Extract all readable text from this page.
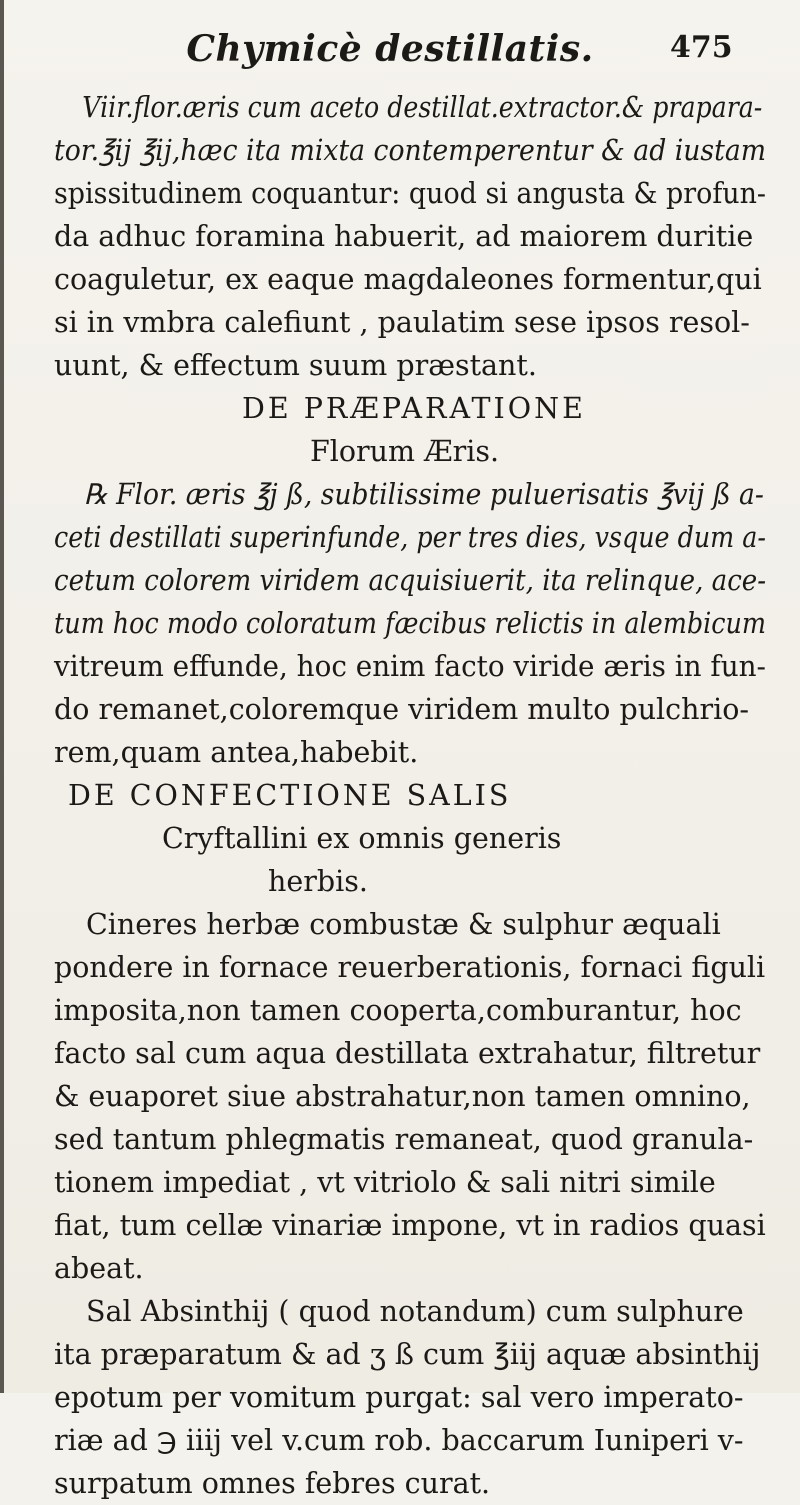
Chymicè destillatis.	475
Viir.flor.æris cum aceto destillat.extractor.& prapara-
tor.℥ij ℥ij,hæc ita mixta contemperentur & ad iustam
spissitudinem coquantur: quod si angusta & profun-
da adhuc foramina habuerit, ad maiorem duritie
coaguletur, ex eaque magdaleones formentur,qui
si in vmbra calefiunt , paulatim sese ipsos resol-
uunt, & effectum suum præstant.
DE PRÆPARATIONE
Florum Æris.
℞ Flor. æris ℥j ß, subtilissime puluerisatis ℥vij ß a-
ceti destillati superinfunde, per tres dies, vsque dum a-
cetum colorem viridem acquisiuerit, ita relinque, ace-
tum hoc modo coloratum fæcibus relictis in alembicum
vitreum effunde, hoc enim facto viride æris in fun-
do remanet,coloremque viridem multo pulchrio-
rem,quam antea,habebit.
DE CONFECTIONE SALIS
Cryftallini ex omnis generis
herbis.
Cineres herbæ combustæ & sulphur æquali
pondere in fornace reuerberationis, fornaci figuli
imposita,non tamen cooperta,comburantur, hoc
facto sal cum aqua destillata extrahatur, filtretur
& euaporet siue abstrahatur,non tamen omnino,
sed tantum phlegmatis remaneat, quod granula-
tionem impediat , vt vitriolo & sali nitri simile
fiat, tum cellæ vinariæ impone, vt in radios quasi
abeat.
Sal Absinthij ( quod notandum) cum sulphure
ita præparatum & ad ʒ ß cum ℥iij aquæ absinthij
epotum per vomitum purgat: sal vero imperato-
riæ ad ℈ iiij vel v.cum rob. baccarum Iuniperi v-
surpatum omnes febres curat.
